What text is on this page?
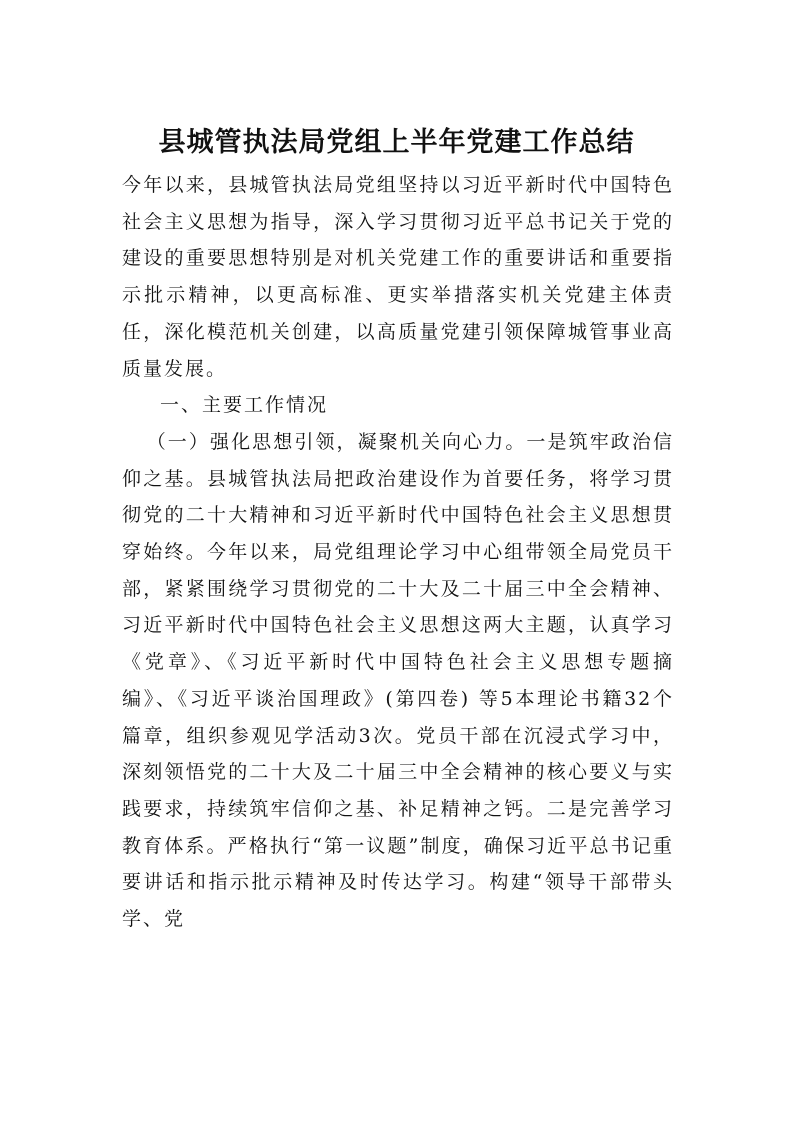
县城管执法局党组上半年党建工作总结

今年以来，县城管执法局党组坚持以习近平新时代中国特色社会主义思想为指导，深入学习贯彻习近平总书记关于党的建设的重要思想特别是对机关党建工作的重要讲话和重要指示批示精神，以更高标准、更实举措落实机关党建主体责任，深化模范机关创建，以高质量党建引领保障城管事业高质量发展。

一、主要工作情况

（一）强化思想引领，凝聚机关向心力。一是筑牢政治信仰之基。县城管执法局把政治建设作为首要任务，将学习贯彻党的二十大精神和习近平新时代中国特色社会主义思想贯穿始终。今年以来，局党组理论学习中心组带领全局党员干部，紧紧围绕学习贯彻党的二十大及二十届三中全会精神、习近平新时代中国特色社会主义思想这两大主题，认真学习《党章》、《习近平新时代中国特色社会主义思想专题摘编》、《习近平谈治国理政》(第四卷) 等5本理论书籍32个篇章，组织参观见学活动3次。党员干部在沉浸式学习中，深刻领悟党的二十大及二十届三中全会精神的核心要义与实践要求，持续筑牢信仰之基、补足精神之钙。二是完善学习教育体系。严格执行“第一议题”制度，确保习近平总书记重要讲话和指示批示精神及时传达学习。构建“领导干部带头学、党
